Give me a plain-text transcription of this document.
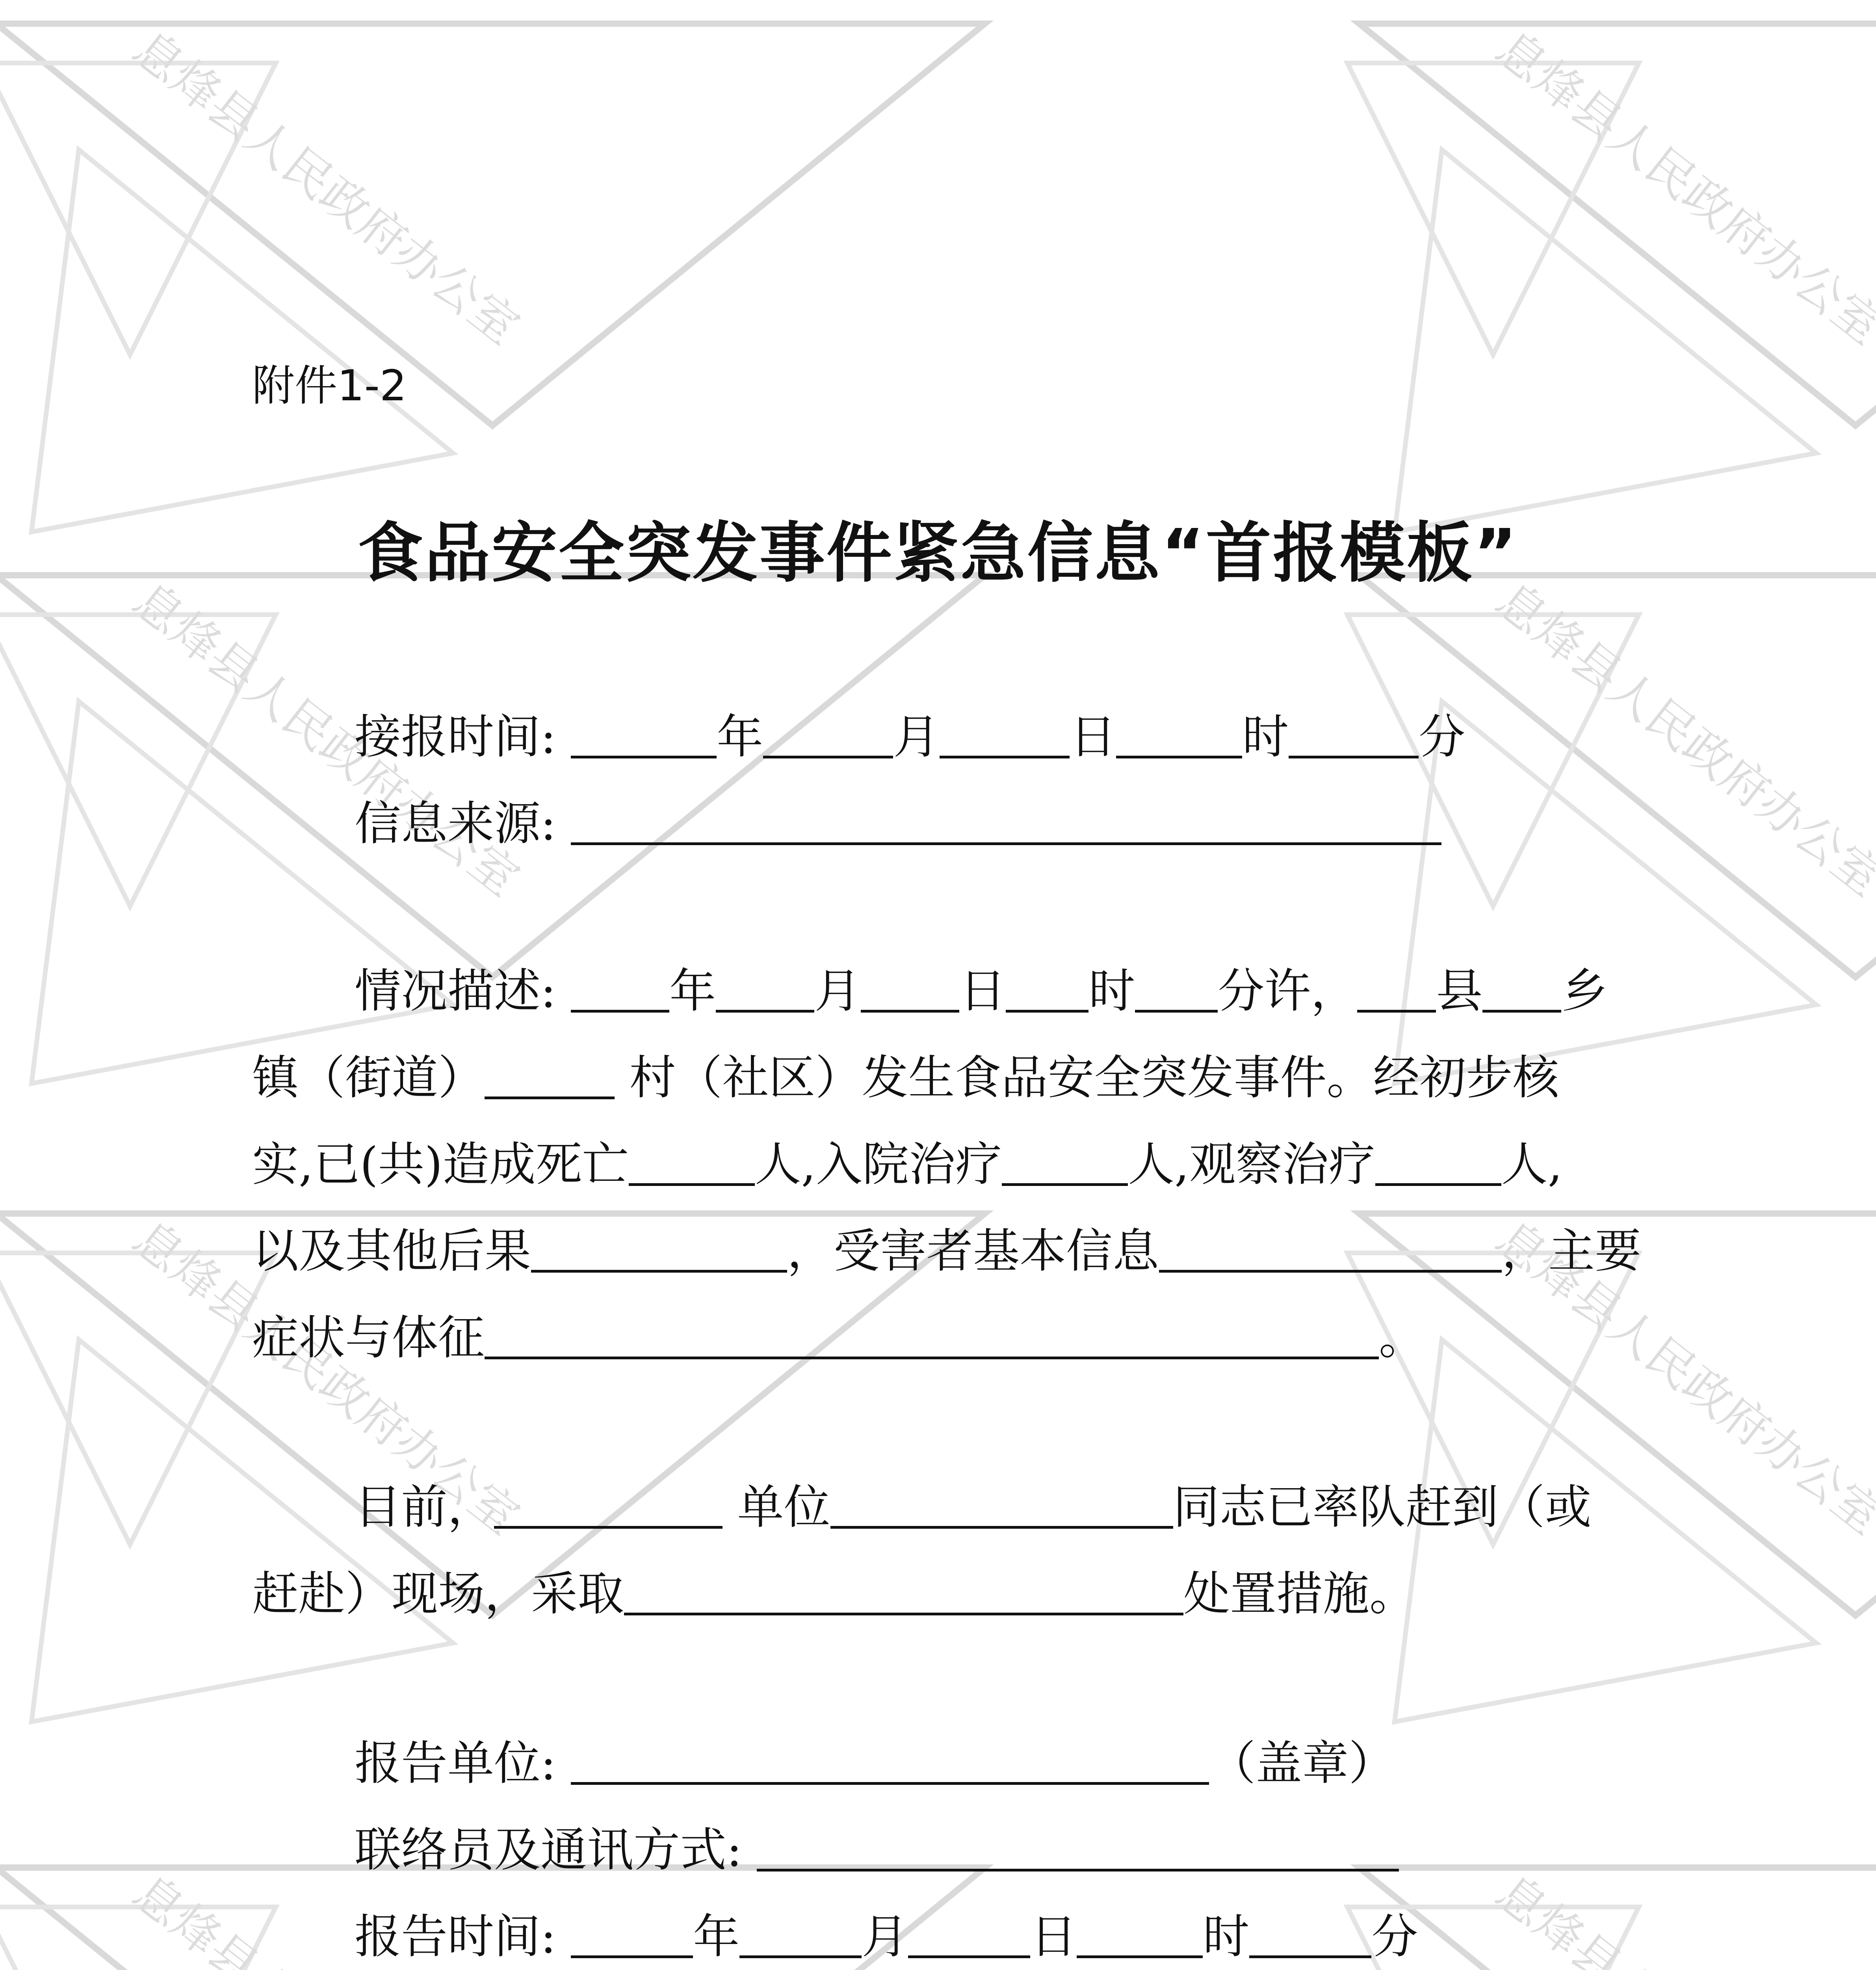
息烽县人民政府办公室
附件1-2
食品安全突发事件紧急信息“首报模板”
接报时间:	年	月	日	时	分
信息来源:
情况描述: 年 月 日 时 分许， 县 乡
镇（街道）	村（社区）发生食品安全突发事件。经初步核
实,已(共)造成死亡	人,入院治疗	人,观察治疗	人,
以及其他后果	，受害者基本信息	，主要
症状与体征	。
目前，	单位	同志已率队赶到（或
赶赴）现场，采取	处置措施。
报告单位:	（盖章）
联络员及通讯方式:
报告时间:	年	月	日	时	分
